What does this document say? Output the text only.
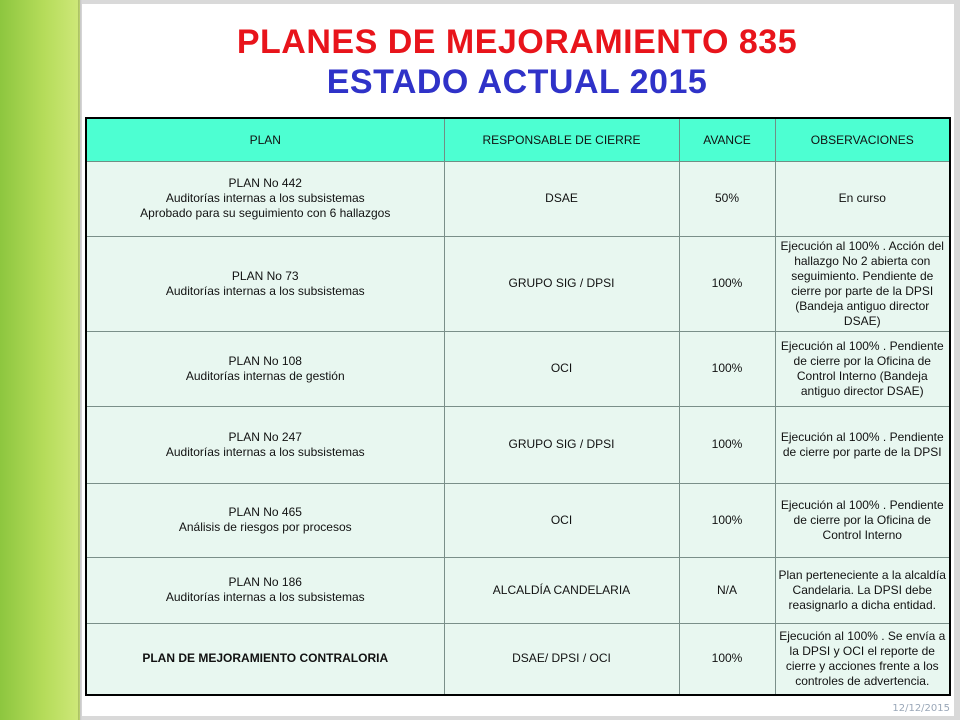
PLANES DE MEJORAMIENTO 835
ESTADO ACTUAL 2015
PLAN	RESPONSABLE DE CIERRE	AVANCE	OBSERVACIONES

PLAN No 442
Auditorías internas a los subsistemas
Aprobado para su seguimiento con 6 hallazgos	DSAE	50%	En curso

PLAN No 73
Auditorías internas a los subsistemas	GRUPO SIG / DPSI	100%	Ejecución al 100% . Acción del hallazgo No 2 abierta con seguimiento. Pendiente de cierre por parte de la DPSI (Bandeja antiguo director DSAE)

PLAN No 108
Auditorías internas de gestión	OCI	100%	Ejecución al 100% . Pendiente de cierre por la Oficina de Control Interno (Bandeja antiguo director DSAE)

PLAN No 247
Auditorías internas a los subsistemas	GRUPO SIG / DPSI	100%	Ejecución al 100% . Pendiente de cierre por parte de la DPSI

PLAN No 465
Análisis de riesgos por procesos	OCI	100%	Ejecución al 100% . Pendiente de cierre por la Oficina de Control Interno

PLAN No 186
Auditorías internas a los subsistemas	ALCALDÍA CANDELARIA	N/A	Plan perteneciente a la alcaldía Candelaria. La DPSI debe reasignarlo a dicha entidad.

PLAN DE MEJORAMIENTO CONTRALORIA	DSAE/ DPSI / OCI	100%	Ejecución al 100% . Se envía a la DPSI y OCI el reporte de cierre y acciones frente a los controles de advertencia.
12/12/2015
